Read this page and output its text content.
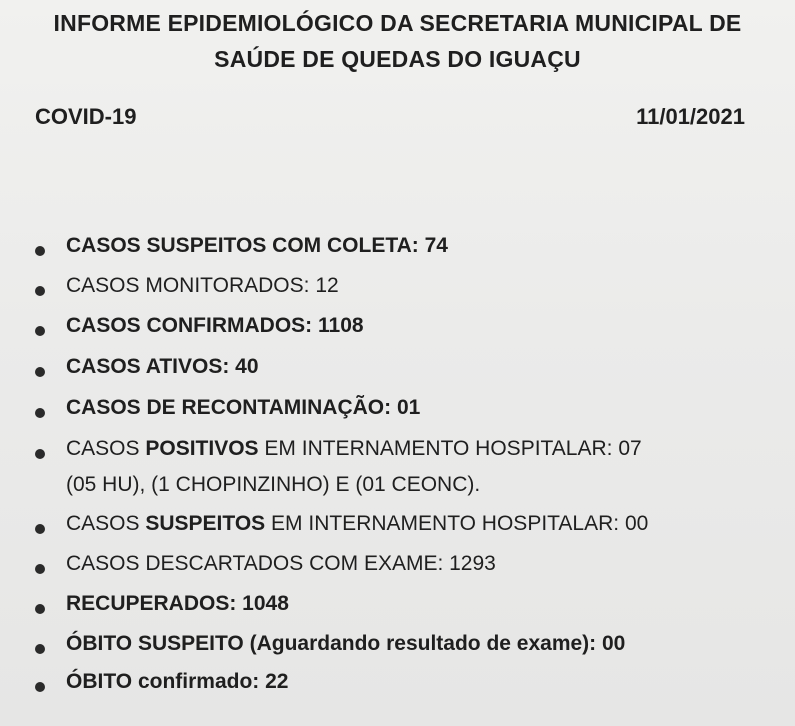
INFORME EPIDEMIOLÓGICO DA SECRETARIA MUNICIPAL DE
SAÚDE DE QUEDAS DO IGUAÇU
COVID-19	11/01/2021
CASOS SUSPEITOS COM COLETA: 74
CASOS MONITORADOS: 12
CASOS CONFIRMADOS: 1108
CASOS ATIVOS: 40
CASOS DE RECONTAMINAÇÃO: 01
CASOS POSITIVOS EM INTERNAMENTO HOSPITALAR: 07
(05 HU), (1 CHOPINZINHO) E (01 CEONC).
CASOS SUSPEITOS EM INTERNAMENTO HOSPITALAR: 00
CASOS DESCARTADOS COM EXAME: 1293
RECUPERADOS: 1048
ÓBITO SUSPEITO (Aguardando resultado de exame): 00
ÓBITO confirmado: 22
